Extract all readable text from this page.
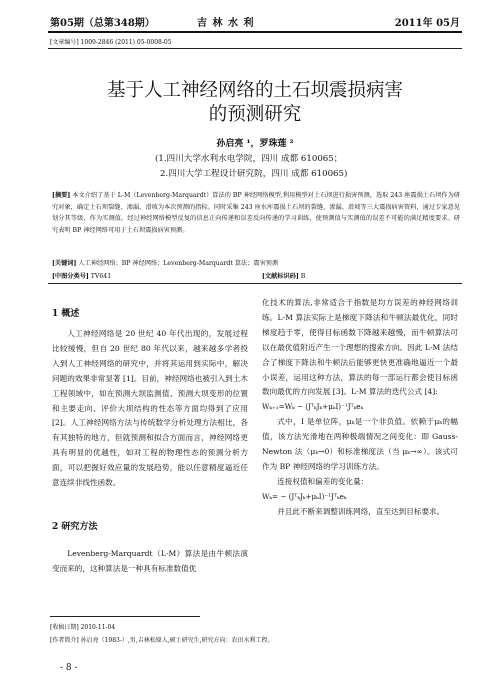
第05期（总第348期）	吉 林 水 利	2011年 05月
[文章编号] 1009-2846 (2011) 05-0008-05
基于人工神经网络的土石坝震损病害
的预测研究
孙启亮 ¹，罗珠莲 ²
(1.四川大学水利水电学院，四川 成都 610065；
2.四川大学工程设计研究院，四川 成都 610065)
[摘要] 本文介绍了基于 L-M（Levenberg-Marquardt）算法的 BP 神经网络模型,利用模型对土石坝进行损害预测，选取 243 座震损土石坝作为研究对象，确定土石坝裂缝、渗漏、滑坡为本次预测的指标。同时采集 243 座水库震损土石坝的裂缝、渗漏、滑坡等三大震损病害资料，通过专家意见划分其等级，作为实测值。经过神经网络模型反复的信息正向传递和误差反向传递的学习训练，使预测值与实测值的误差不可能的满足精度要求。研究表明 BP 神经网络可用于土石坝震损病害预测。
[关键词] 人工神经网络；BP 神经网络；Levenberg-Marquardt 算法；震害预测
[中图分类号] TV641	[文献标识码] B
1 概述

人工神经网络是 20 世纪 40 年代出现的，发展过程比较缓慢，但自 20 世纪 80 年代以来，越来越多学者投入到人工神经网络的研究中，并将其运用到实际中，解决问题的效果非常显著 [1]。目前，神经网络也被引入到土木工程领域中，如在预测大坝监测值、预测大坝变形的位置和主要走向、评价大坝结构的性态等方面均得到了应用 [2]。人工神经网络方法与传统数学分析处理方法相比，各有其独特的地方，但就预测和拟合方面而言，神经网络更具有明显的优越性，如对工程的物理性态的预测分析方面，可以把握好效应量的发展趋势，能以任意精度逼近任意连续非线性函数。

2 研究方法

Levenberg-Marquardt（L-M）算法是由牛顿法演变而来的，这种算法是一种具有标准数值优

化技术的算法,非常适合于指数是均方误差的神经网络训练。L-M 算法实际上是梯度下降法和牛顿法最优化，同时梯度趋于零，使得目标函数下降越来越慢，而牛顿算法可以在最优值附近产生一个理想的搜索方向。因此 L-M 法结合了梯度下降法和牛顿法后能够更快更准确地逼近一个最小误差，运用这种方法，算法的每一部运行都会使目标函数向最优的方向发展 [3]。L-M 算法的迭代公式 [4]:

Wₖ₊₁=Wₖ − (JᵀₖJₖ+μₖI)⁻¹Jᵀₖeₖ

式中，I 是单位阵，μₖ是一个非负值。依赖于μₖ的幅值，该方法光滑地在两种极端情况之间变化：即 Gauss-Newton 法（μₖ→0）和标准梯度法（当 μₖ→∞）。该式可作为 BP 神经网络的学习训练方法。

连接权值和偏差的变化量：

Wₖ= − (JᵀₖJₖ+μₖI)⁻¹Jᵀₖeₖ

并且此不断来调整训练网络，直至达到目标要求。

[收稿日期] 2010-11-04
[作者简介] 孙启亮（1983-）,男,吉林松原人,硕士研究生,研究方向：农田水利工程。
- 8 -
